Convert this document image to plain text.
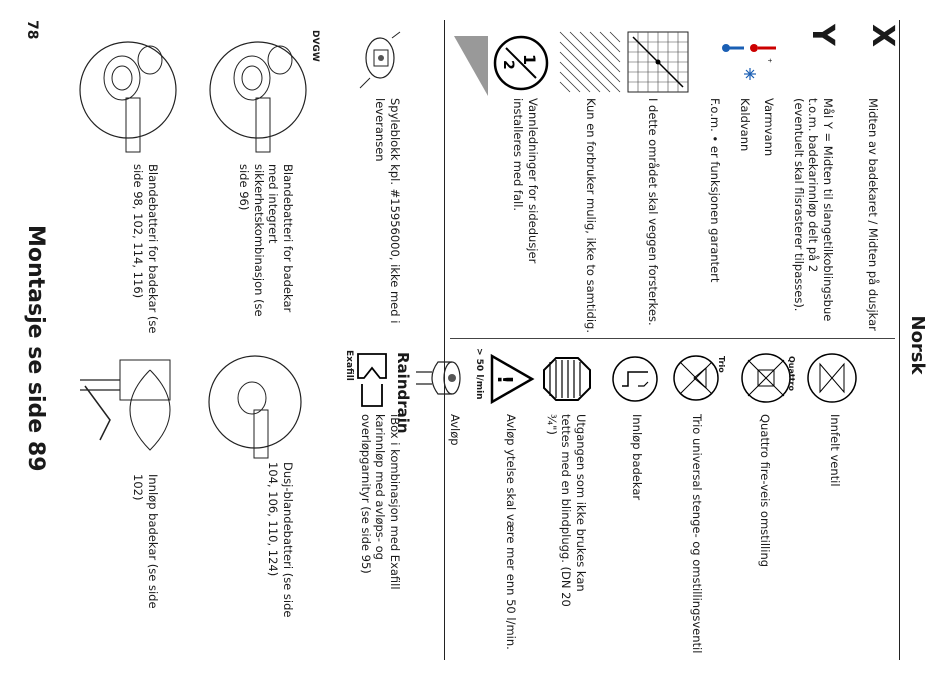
Norsk
X
Midten av badekaret / Midten på dusjkar
Y
Mål Y = Midten til slangetilkoblingsbue t.o.m. badekarinnløp delt på 2 (eventuelt skal flisrasterer tilpasses).
+
Varmvann
Kaldvann
F.o.m. • er funksjonen garantert
I dette området skal veggen forsterkes.
Kun en forbruker mulig, ikke to samtidig.
1
2
Vannledninger for sidedusjer installeres med fall.
Spyleblokk kpl. #15956000, ikke med i leveransen
Innfelt ventil
Quattro
Quattro fire-veis omstilling
Trio
Trio universal stenge- og omstillingsventil
Innløp badekar
Utgangen som ikke brukes kan tettes med en blindplugg. (DN 20 ¾")
!
> 50 l/min
Avløp ytelse skal være mer enn 50 l/min.
Avløp
Raindrain
Exafill
iBox i kombinasjon med Exafill karinnløp med avløps- og overløpgarnityr (se side 95)
DVGW
Blandebatteri for badekar med integrert sikkerhetskombinasjon (se side 96)
Dusj-blandebatteri (se side 104, 106, 110, 124)
Blandebatteri for badekar (se side 98, 102, 114, 116)
Innløp badekar (se side 102)
Montasje se side 89
78
